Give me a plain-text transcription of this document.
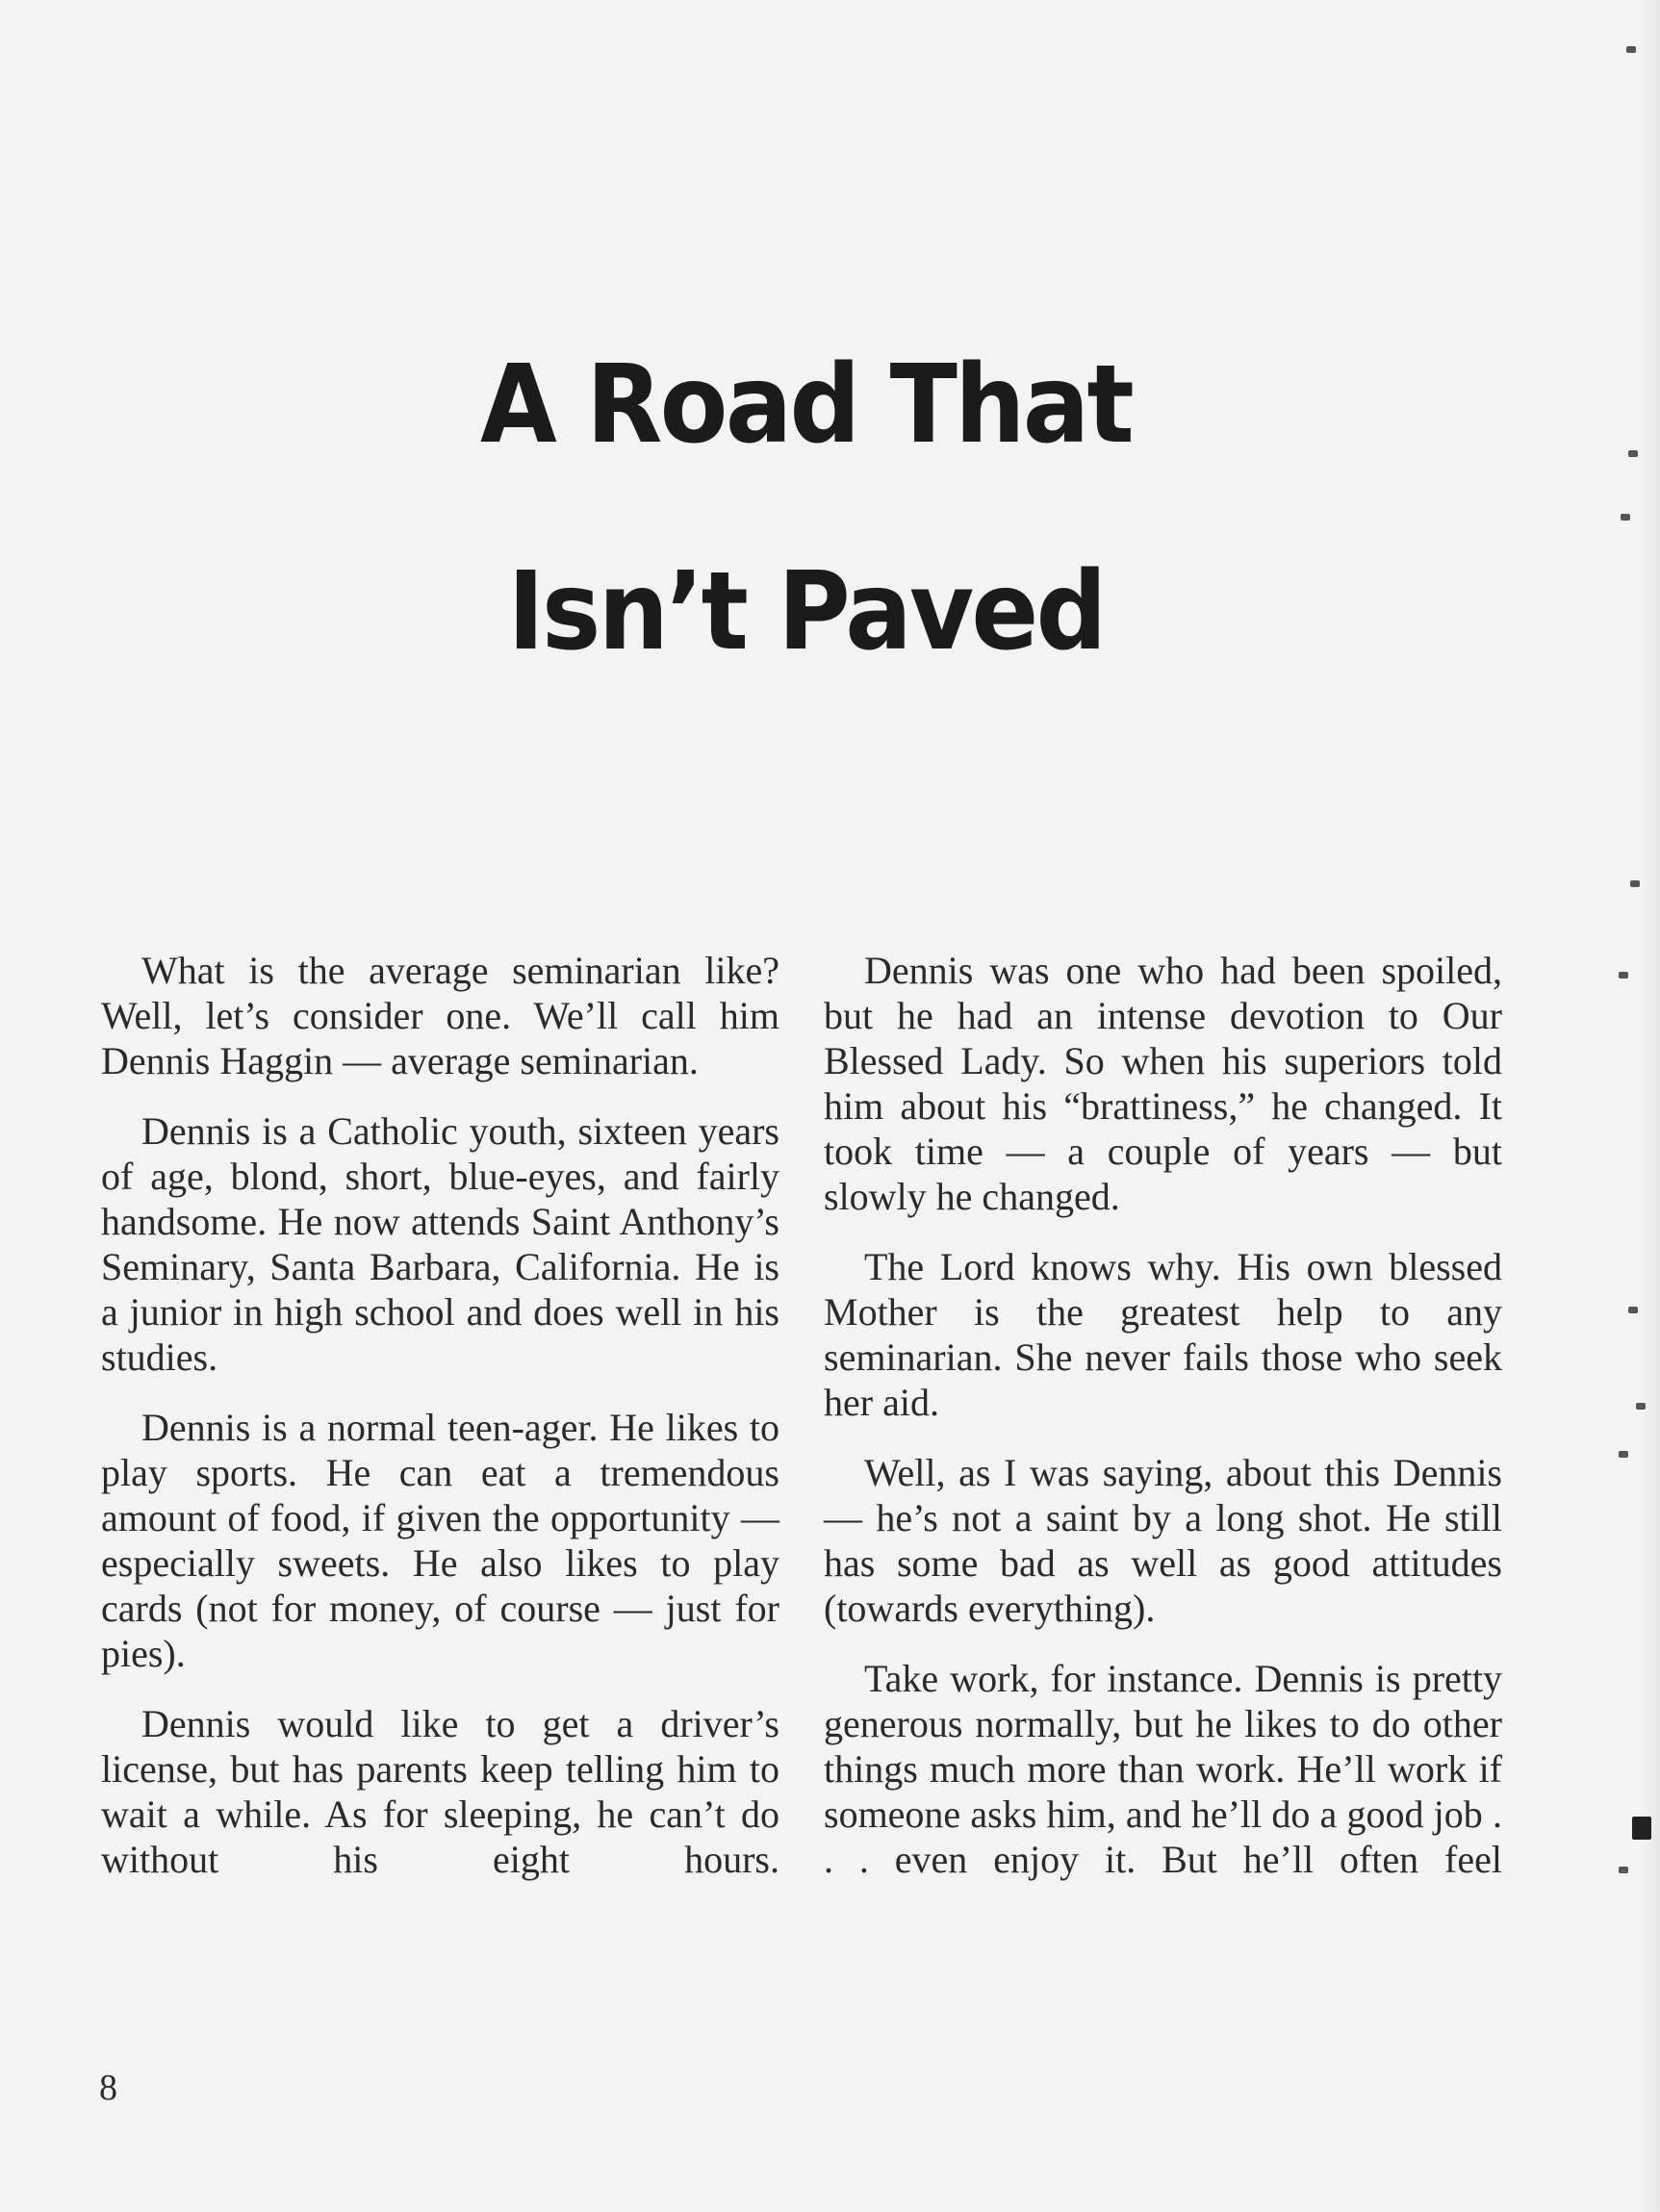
A Road That
Isn’t Paved

What is the average seminarian like? Well, let’s consider one. We’ll call him Dennis Haggin — average seminarian.

Dennis is a Catholic youth, sixteen years of age, blond, short, blue-eyes, and fairly handsome. He now attends Saint Anthony’s Seminary, Santa Barbara, California. He is a junior in high school and does well in his studies.

Dennis is a normal teen-ager. He likes to play sports. He can eat a tremendous amount of food, if given the opportunity — especially sweets. He also likes to play cards (not for money, of course — just for pies).

Dennis would like to get a driver’s license, but has parents keep telling him to wait a while. As for sleeping, he can’t do without his eight hours.

Dennis was one who had been spoiled, but he had an intense devotion to Our Blessed Lady. So when his superiors told him about his “brattiness,” he changed. It took time — a couple of years — but slowly he changed.

The Lord knows why. His own blessed Mother is the greatest help to any seminarian. She never fails those who seek her aid.

Well, as I was saying, about this Dennis — he’s not a saint by a long shot. He still has some bad as well as good attitudes (towards everything).

Take work, for instance. Dennis is pretty generous normally, but he likes to do other things much more than work. He’ll work if someone asks him, and he’ll do a good job . . . even enjoy it. But he’ll often feel

8
